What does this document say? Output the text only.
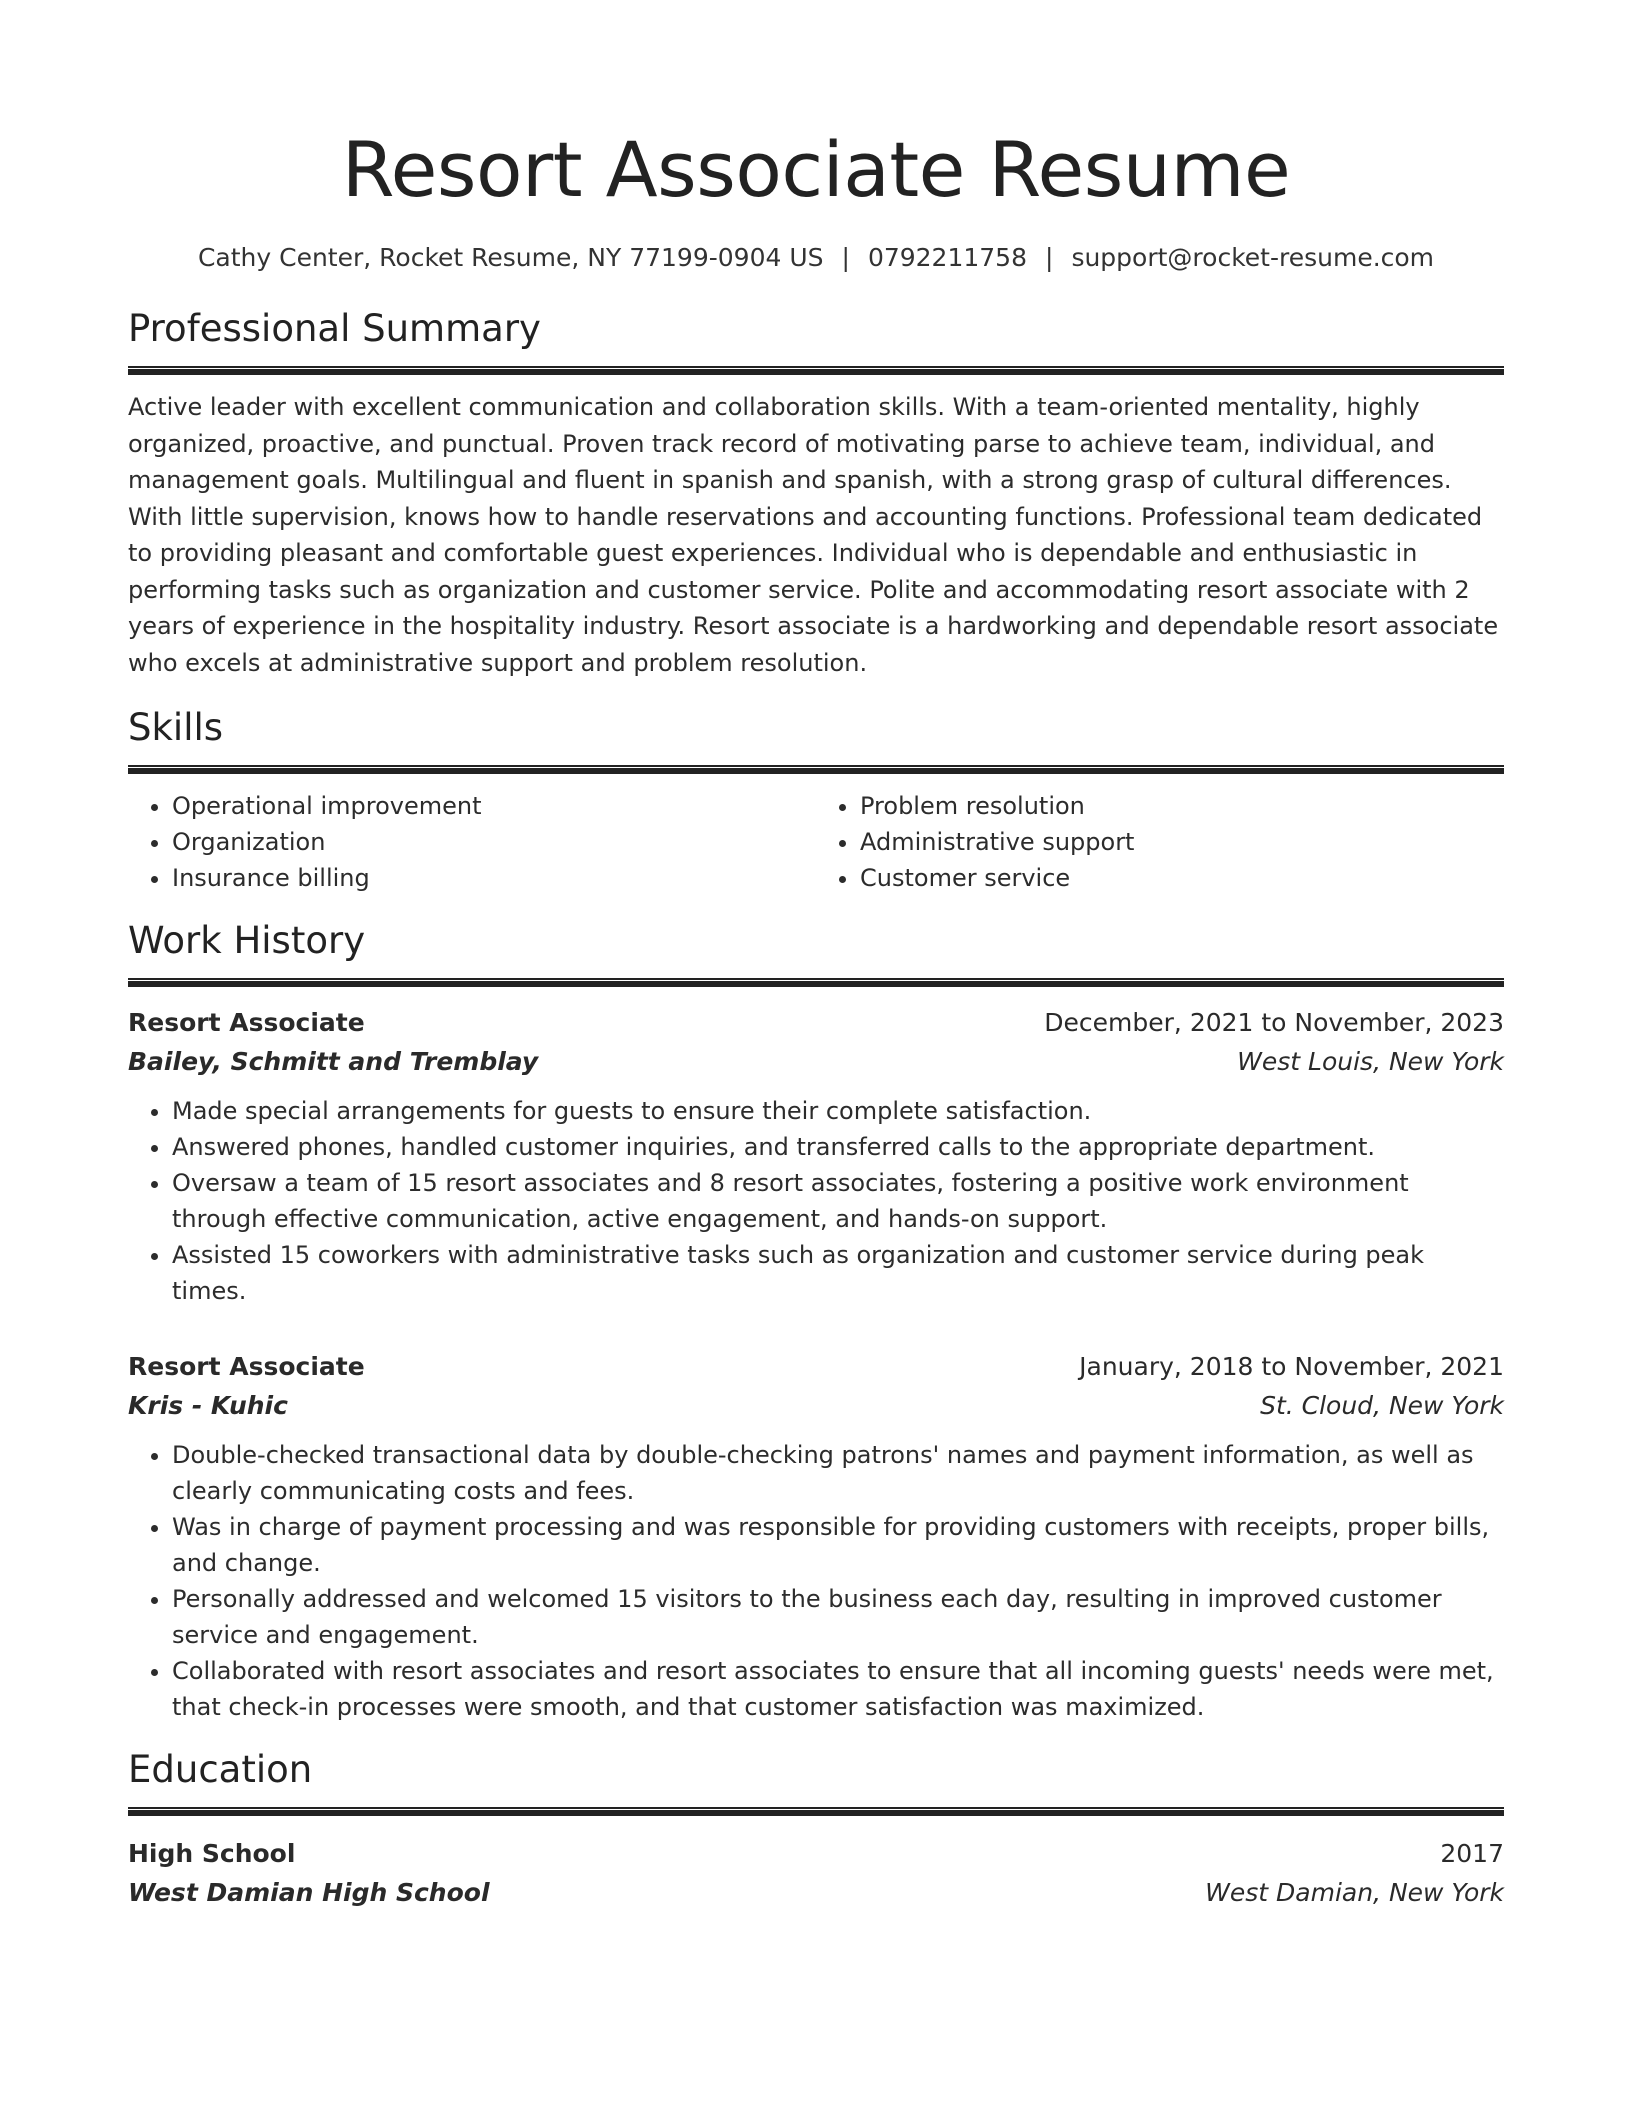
Resort Associate Resume
Cathy Center, Rocket Resume, NY 77199-0904 US | 0792211758 | support@rocket-resume.com
Professional Summary

Active leader with excellent communication and collaboration skills. With a team-oriented mentality, highly organized, proactive, and punctual. Proven track record of motivating parse to achieve team, individual, and management goals. Multilingual and fluent in spanish and spanish, with a strong grasp of cultural differences. With little supervision, knows how to handle reservations and accounting functions. Professional team dedicated to providing pleasant and comfortable guest experiences. Individual who is dependable and enthusiastic in performing tasks such as organization and customer service. Polite and accommodating resort associate with 2 years of experience in the hospitality industry. Resort associate is a hardworking and dependable resort associate who excels at administrative support and problem resolution.

Skills
• Operational improvement
• Organization
• Insurance billing
• Problem resolution
• Administrative support
• Customer service
Work History
Resort Associate	December, 2021 to November, 2023
Bailey, Schmitt and Tremblay	West Louis, New York
• Made special arrangements for guests to ensure their complete satisfaction.
• Answered phones, handled customer inquiries, and transferred calls to the appropriate department.
• Oversaw a team of 15 resort associates and 8 resort associates, fostering a positive work environment through effective communication, active engagement, and hands-on support.
• Assisted 15 coworkers with administrative tasks such as organization and customer service during peak times.
Resort Associate	January, 2018 to November, 2021
Kris - Kuhic	St. Cloud, New York
• Double-checked transactional data by double-checking patrons' names and payment information, as well as clearly communicating costs and fees.
• Was in charge of payment processing and was responsible for providing customers with receipts, proper bills, and change.
• Personally addressed and welcomed 15 visitors to the business each day, resulting in improved customer service and engagement.
• Collaborated with resort associates and resort associates to ensure that all incoming guests' needs were met, that check-in processes were smooth, and that customer satisfaction was maximized.
Education
High School	2017
West Damian High School	West Damian, New York
